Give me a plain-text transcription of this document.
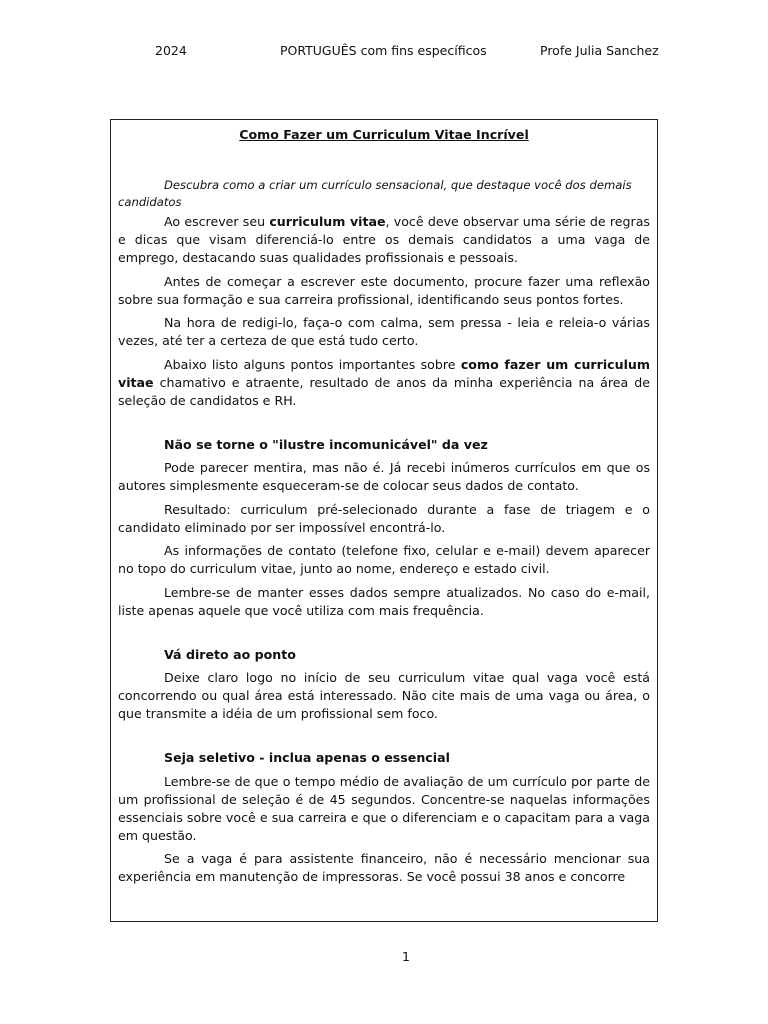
2024	PORTUGUÊS com fins específicos	Profe Julia Sanchez
Como Fazer um Curriculum Vitae Incrível
Descubra como a criar um currículo sensacional, que destaque você dos demais candidatos

Ao escrever seu curriculum vitae, você deve observar uma série de regras e dicas que visam diferenciá-lo entre os demais candidatos a uma vaga de emprego, destacando suas qualidades profissionais e pessoais.

Antes de começar a escrever este documento, procure fazer uma reflexão sobre sua formação e sua carreira profissional, identificando seus pontos fortes.

Na hora de redigi-lo, faça-o com calma, sem pressa - leia e releia-o várias vezes, até ter a certeza de que está tudo certo.

Abaixo listo alguns pontos importantes sobre como fazer um curriculum vitae chamativo e atraente, resultado de anos da minha experiência na área de seleção de candidatos e RH.

Não se torne o "ilustre incomunicável" da vez

Pode parecer mentira, mas não é. Já recebi inúmeros currículos em que os autores simplesmente esqueceram-se de colocar seus dados de contato.

Resultado: curriculum pré-selecionado durante a fase de triagem e o candidato eliminado por ser impossível encontrá-lo.

As informações de contato (telefone fixo, celular e e-mail) devem aparecer no topo do curriculum vitae, junto ao nome, endereço e estado civil.

Lembre-se de manter esses dados sempre atualizados. No caso do e-mail, liste apenas aquele que você utiliza com mais frequência.

Vá direto ao ponto

Deixe claro logo no início de seu curriculum vitae qual vaga você está concorrendo ou qual área está interessado. Não cite mais de uma vaga ou área, o que transmite a idéia de um profissional sem foco.

Seja seletivo - inclua apenas o essencial

Lembre-se de que o tempo médio de avaliação de um currículo por parte de um profissional de seleção é de 45 segundos. Concentre-se naquelas informações essenciais sobre você e sua carreira e que o diferenciam e o capacitam para a vaga em questão.

Se a vaga é para assistente financeiro, não é necessário mencionar sua experiência em manutenção de impressoras. Se você possui 38 anos e concorre

1
